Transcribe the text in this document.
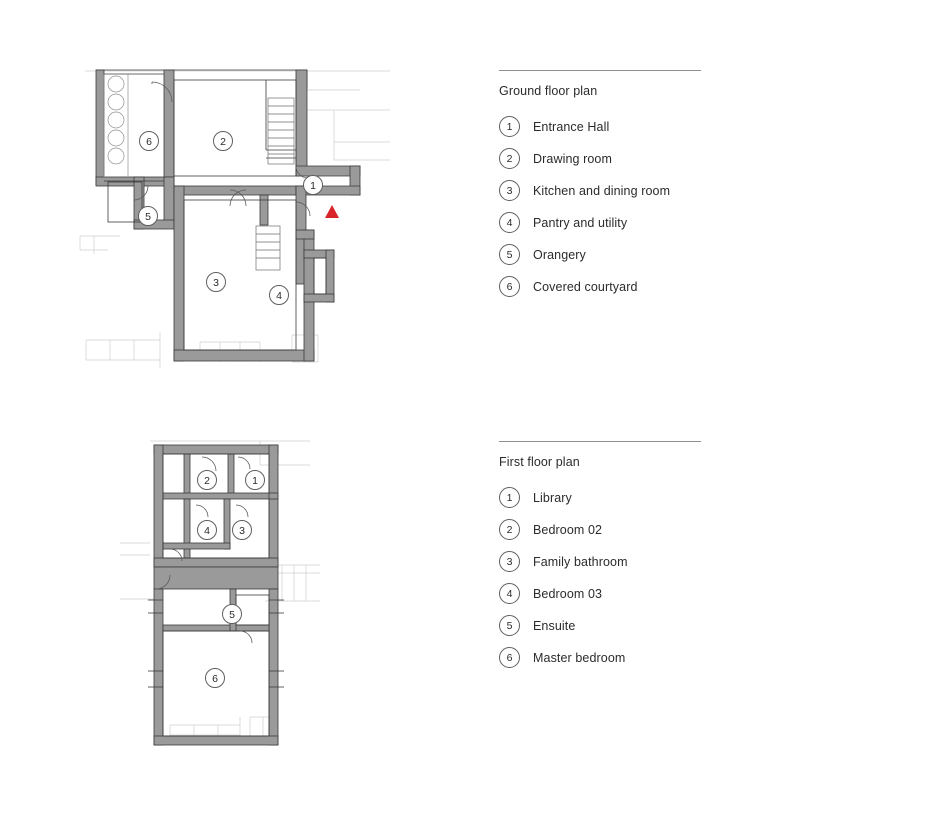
6	2
1
5
3
4
2	1
4	3
5
6
Ground floor plan
1	Entrance Hall
2	Drawing room
3	Kitchen and dining room
4	Pantry and utility
5	Orangery
6	Covered courtyard
First floor plan
1	Library
2	Bedroom 02
3	Family bathroom
4	Bedroom 03
5	Ensuite
6	Master bedroom
